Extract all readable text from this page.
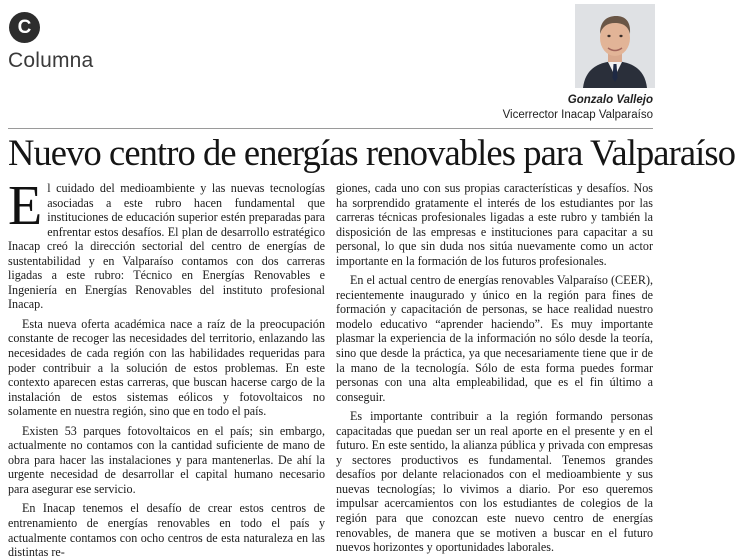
C
Columna
Gonzalo Vallejo
Vicerrector Inacap Valparaíso
Nuevo centro de energías renovables para Valparaíso

El cuidado del medioambiente y las nuevas tecnologías asociadas a este rubro hacen fundamental que instituciones de educación superior estén preparadas para enfrentar estos desafíos. El plan de desarrollo estratégico Inacap creó la dirección sectorial del centro de energías de sustentabilidad y en Valparaíso contamos con dos carreras ligadas a este rubro: Técnico en Energías Renovables e Ingeniería en Energías Renovables del instituto profesional Inacap.

Esta nueva oferta académica nace a raíz de la preocupación constante de recoger las necesidades del territorio, enlazando las necesidades de cada región con las habilidades requeridas para poder contribuir a la solución de estos problemas. En este contexto aparecen estas carreras, que buscan hacerse cargo de la instalación de estos sistemas eólicos y fotovoltaicos no solamente en nuestra región, sino que en todo el país.

Existen 53 parques fotovoltaicos en el país; sin embargo, actualmente no contamos con la cantidad suficiente de mano de obra para hacer las instalaciones y para mantenerlas. De ahí la urgente necesidad de desarrollar el capital humano necesario para asegurar ese servicio.

En Inacap tenemos el desafío de crear estos centros de entrenamiento de energías renovables en todo el país y actualmente contamos con ocho centros de esta naturaleza en las distintas re-

giones, cada uno con sus propias características y desafíos. Nos ha sorprendido gratamente el interés de los estudiantes por las carreras técnicas profesionales ligadas a este rubro y también la disposición de las empresas e instituciones para capacitar a su personal, lo que sin duda nos sitúa nuevamente como un actor importante en la formación de los futuros profesionales.

En el actual centro de energías renovables Valparaíso (CEER), recientemente inaugurado y único en la región para fines de formación y capacitación de personas, se hace realidad nuestro modelo educativo “aprender haciendo”. Es muy importante plasmar la experiencia de la información no sólo desde la teoría, sino que desde la práctica, ya que necesariamente tiene que ir de la mano de la tecnología. Sólo de esta forma puedes formar personas con una alta empleabilidad, que es el fin último a conseguir.

Es importante contribuir a la región formando personas capacitadas que puedan ser un real aporte en el presente y en el futuro. En este sentido, la alianza pública y privada con empresas y sectores productivos es fundamental. Tenemos grandes desafíos por delante relacionados con el medioambiente y sus nuevas tecnologías; lo vivimos a diario. Por eso queremos impulsar acercamientos con los estudiantes de colegios de la región para que conozcan este nuevo centro de energías renovables, de manera que se motiven a buscar en el futuro nuevos horizontes y oportunidades laborales.
